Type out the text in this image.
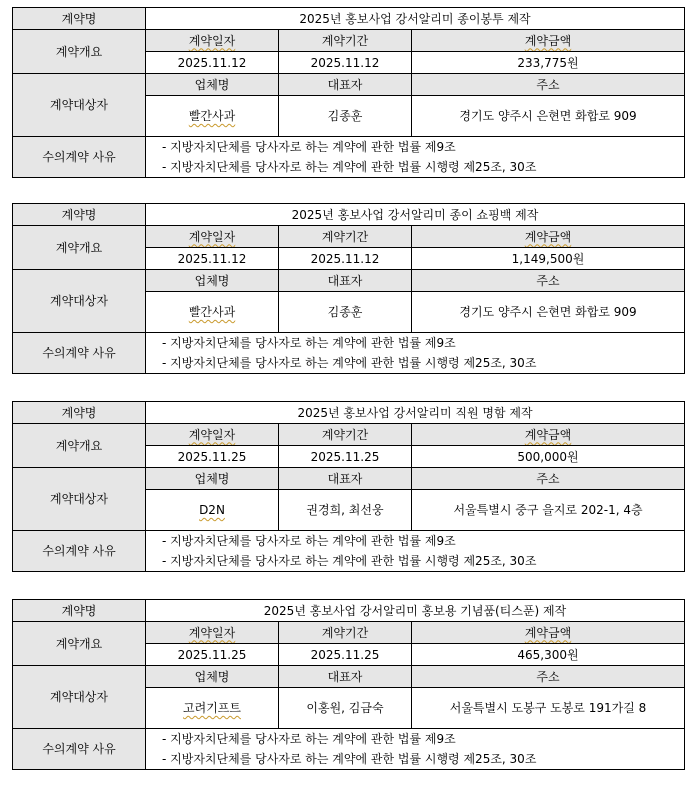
계약명	2025년 홍보사업 강서알리미 종이봉투 제작		
계약개요	계약일자	계약기간	계약금액
	2025.11.12	2025.11.12	233,775원
계약대상자	업체명	대표자	주소
	빨간사과	김종훈	경기도 양주시 은현면 화합로 909
수의계약 사유	- 지방자치단체를 당사자로 하는 계약에 관한 법률 제9조
- 지방자치단체를 당사자로 하는 계약에 관한 법률 시행령 제25조, 30조		
계약명	2025년 홍보사업 강서알리미 종이 쇼핑백 제작		
계약개요	계약일자	계약기간	계약금액
	2025.11.12	2025.11.12	1,149,500원
계약대상자	업체명	대표자	주소
	빨간사과	김종훈	경기도 양주시 은현면 화합로 909
수의계약 사유	- 지방자치단체를 당사자로 하는 계약에 관한 법률 제9조
- 지방자치단체를 당사자로 하는 계약에 관한 법률 시행령 제25조, 30조		
계약명	2025년 홍보사업 강서알리미 직원 명함 제작		
계약개요	계약일자	계약기간	계약금액
	2025.11.25	2025.11.25	500,000원
계약대상자	업체명	대표자	주소
	D2N	권경희, 최선웅	서울특별시 중구 을지로 202-1, 4층
수의계약 사유	- 지방자치단체를 당사자로 하는 계약에 관한 법률 제9조
- 지방자치단체를 당사자로 하는 계약에 관한 법률 시행령 제25조, 30조		
계약명	2025년 홍보사업 강서알리미 홍보용 기념품(티스푼) 제작		
계약개요	계약일자	계약기간	계약금액
	2025.11.25	2025.11.25	465,300원
계약대상자	업체명	대표자	주소
	고려기프트	이홍원, 김금숙	서울특별시 도봉구 도봉로 191가길 8
수의계약 사유	- 지방자치단체를 당사자로 하는 계약에 관한 법률 제9조
- 지방자치단체를 당사자로 하는 계약에 관한 법률 시행령 제25조, 30조		
